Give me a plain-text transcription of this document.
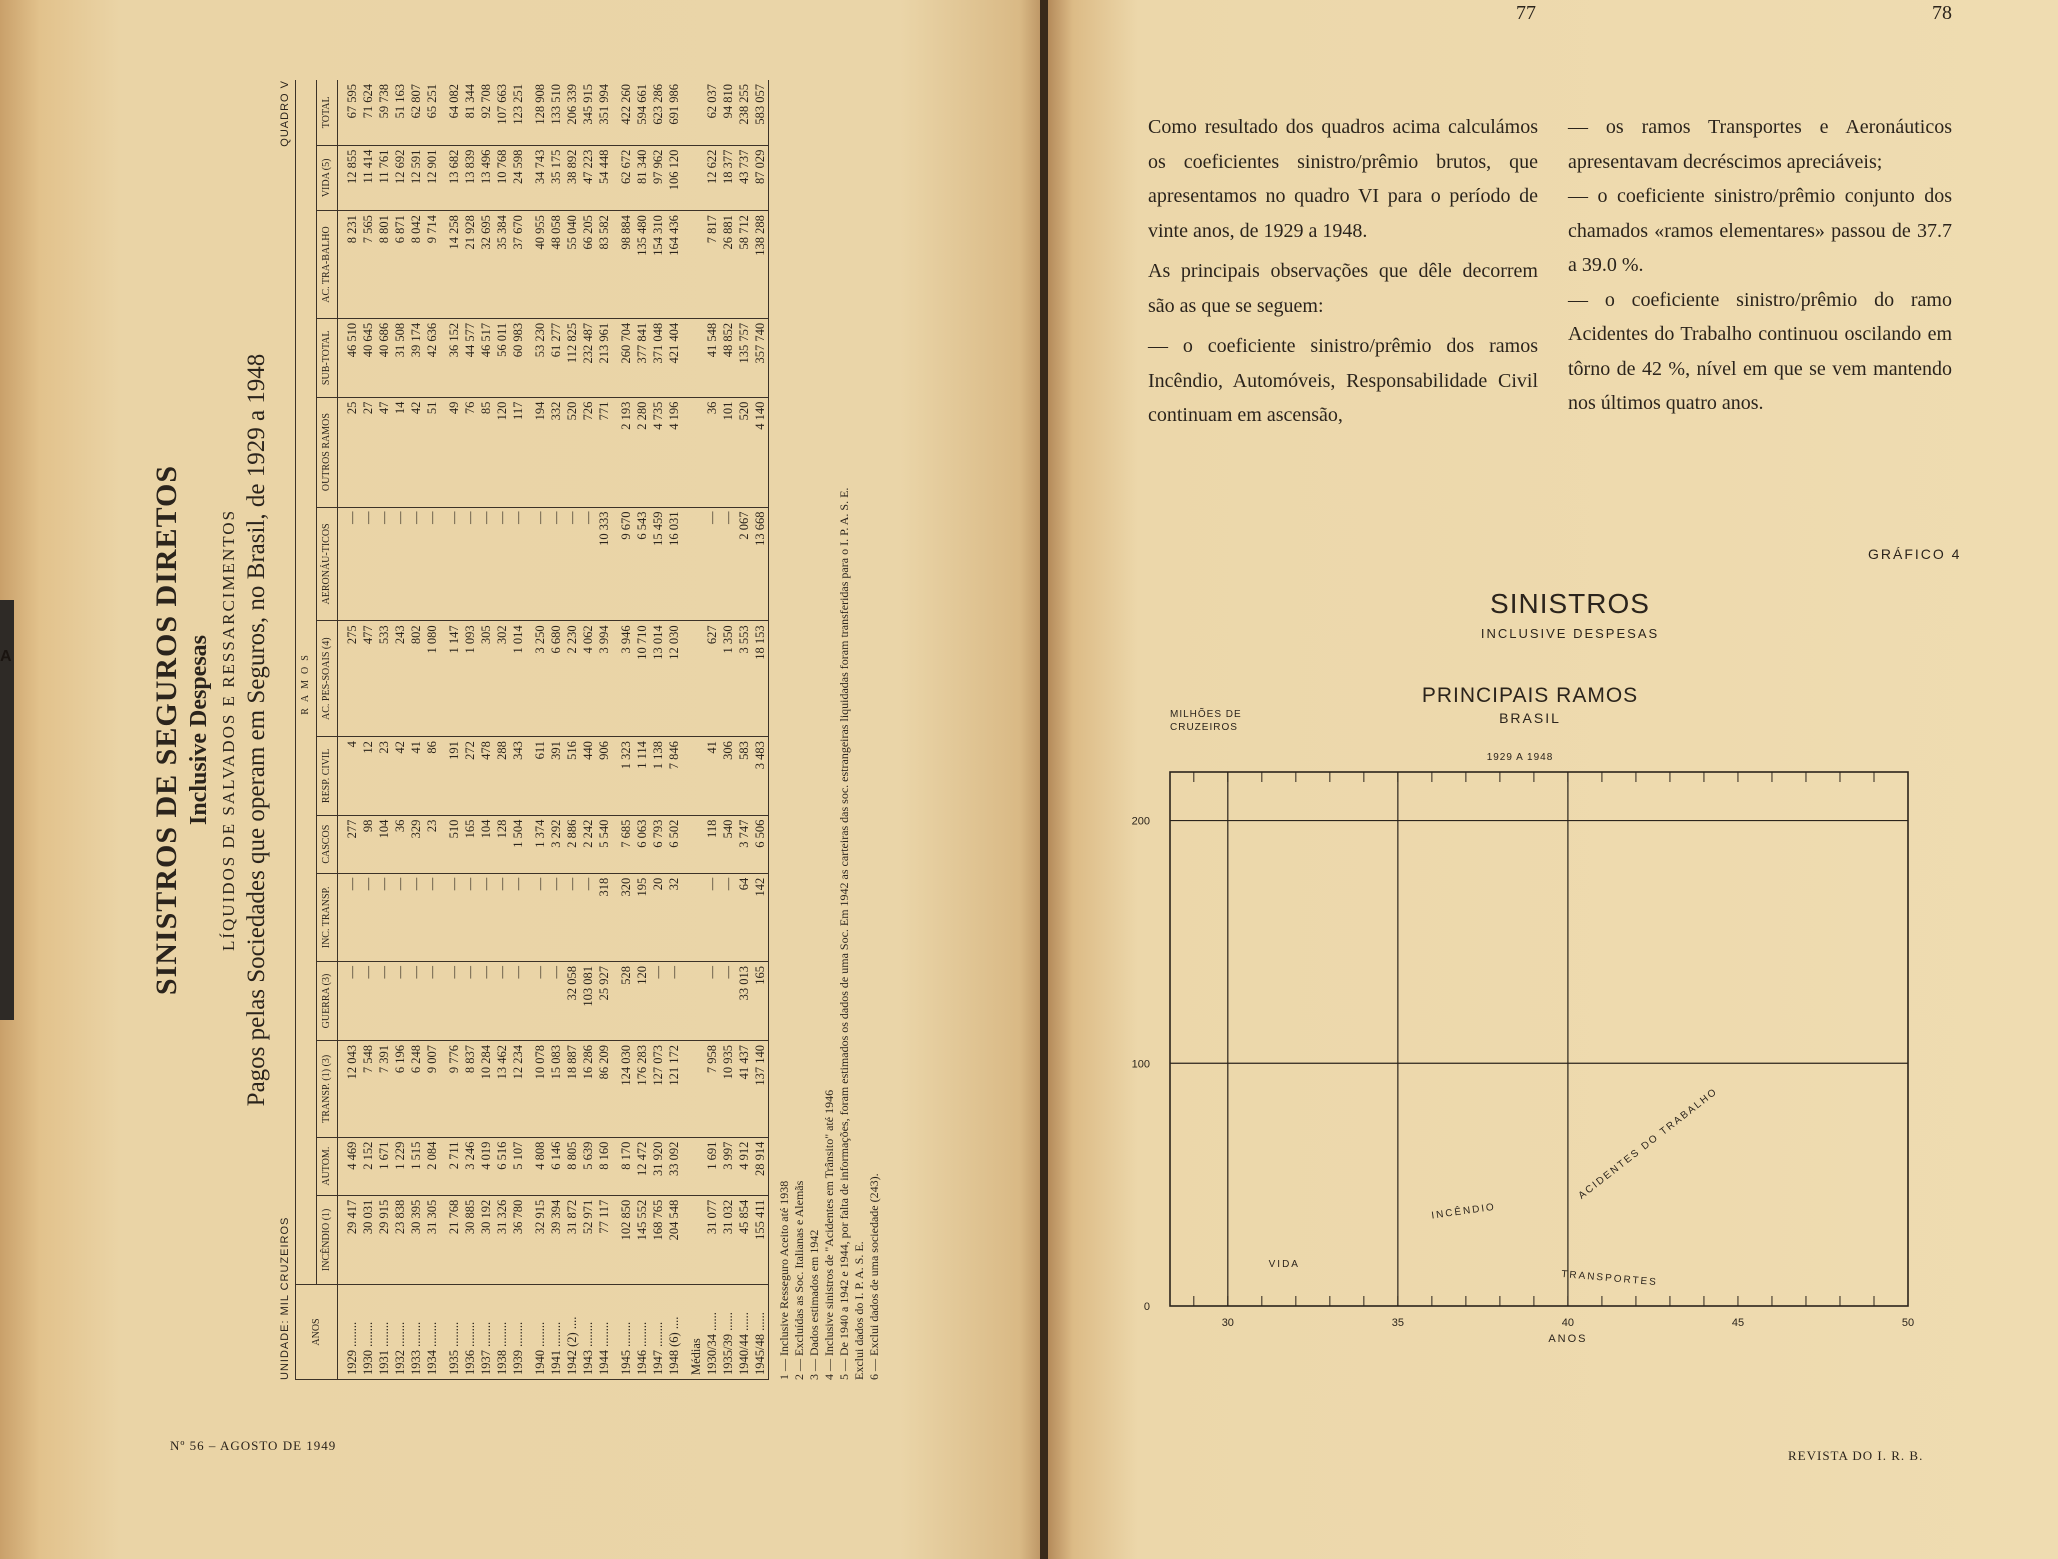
A	SINISTROS DE SEGUROS DIRETOS Inclusive Despesas LÍQUIDOS DE SALVADOS E RESSARCIMENTOS Pagos pelas Sociedades que operam em Seguros, no Brasil, de 1929 a 1948
UNIDADE: MIL CRUZEIROS
QUADRO V
ANOS	RAMOS													
	INCÊNDIO (1)	AUTOM.	TRANSP. (1) (3)	GUERRA (3)	INC. TRANSP.	CASCOS	RESP. CIVIL	AC. PES-SOAIS (4)	AERONÁU-TICOS	OUTROS RAMOS	SUB-TOTAL	AC. TRA-BALHO	VIDA (5)	TOTAL
1929 ........	29 417	4 469	12 043	—	—	277	4	275	—	25	46 510	8 231	12 855	67 595
1930 ........	30 031	2 152	7 548	—	—	98	12	477	—	27	40 645	7 565	11 414	71 624
1931 ........	29 915	1 671	7 391	—	—	104	23	533	—	47	40 686	8 801	11 761	59 738
1932 ........	23 838	1 229	6 196	—	—	36	42	243	—	14	31 508	6 871	12 692	51 163
1933 ........	30 395	1 515	6 248	—	—	329	41	802	—	42	39 174	8 042	12 591	62 807
1934 ........	31 305	2 084	9 007	—	—	23	86	1 080	—	51	42 636	9 714	12 901	65 251
1935 ........	21 768	2 711	9 776	—	—	510	191	1 147	—	49	36 152	14 258	13 682	64 082
1936 ........	30 885	3 246	8 837	—	—	165	272	1 093	—	76	44 577	21 928	13 839	81 344
1937 ........	30 192	4 019	10 284	—	—	104	478	305	—	85	46 517	32 695	13 496	92 708
1938 ........	31 326	6 516	13 462	—	—	128	288	302	—	120	56 011	35 384	10 768	107 663
1939 ........	36 780	5 107	12 234	—	—	1 504	343	1 014	—	117	60 983	37 670	24 598	123 251
1940 ........	32 915	4 808	10 078	—	—	1 374	611	3 250	—	194	53 230	40 955	34 743	128 908
1941 ........	39 394	6 146	15 083	—	—	3 292	391	6 680	—	332	61 277	48 058	35 175	133 510
1942 (2) ....	31 872	8 805	18 887	32 058	—	2 886	516	2 230	—	520	112 825	55 040	38 892	206 339
1943 ........	52 971	5 639	16 286	103 081	—	2 242	440	4 062	—	726	232 487	66 205	47 223	345 915
1944 ........	77 117	8 160	86 209	25 927	318	5 540	906	3 994	10 333	771	213 961	83 582	54 448	351 994
1945 ........	102 850	8 170	124 030	528	320	7 685	1 323	3 946	9 670	2 193	260 704	98 884	62 672	422 260
1946 ........	145 552	12 472	176 283	120	195	6 063	1 114	10 710	6 543	2 280	377 841	135 480	81 340	594 661
1947 ........	168 765	31 920	127 073	—	20	6 793	1 138	13 014	15 459	4 735	371 048	154 310	97 962	623 286
1948 (6) ....	204 548	33 092	121 172	—	32	6 502	7 846	12 030	16 031	4 196	421 404	164 436	106 120	691 986
Médias														
1930/34 ......	31 077	1 691	7 958	—	—	118	41	627	—	36	41 548	7 817	12 622	62 037
1935/39 ......	31 032	3 997	10 935	—	—	540	306	1 350	—	101	48 852	26 881	18 377	94 810
1940/44 ......	45 854	4 912	41 437	33 013	64	3 747	583	3 553	2 067	520	135 757	58 712	43 737	238 255
1945/48 ......	155 411	28 914	137 140	165	142	6 506	3 483	18 153	13 668	4 140	357 740	138 288	87 029	583 057
1 — Inclusive Resseguro Aceito até 1938 2 — Excluídas as Soc. Italianas e Alemãs 3 — Dados estimados em 1942 4 — Inclusive sinistros de "Acidentes em Trânsito" até 1946 5 — De 1940 a 1942 e 1944, por falta de informações, foram estimados os dados de uma Soc. Em 1942 as carteiras das soc. estrangeiras liquidadas foram transferidas para o I. P. A. S. E. Exclui dados do I. P. A. S. E. 6 — Exclui dados de uma sociedade (243).
Nº 56 – AGOSTO DE 1949
77	78

Como resultado dos quadros acima calculámos os coeficientes sinistro/prêmio brutos, que apresentamos no quadro VI para o período de vinte anos, de 1929 a 1948.

As principais observações que dêle decorrem são as que se seguem:

— o coeficiente sinistro/prêmio dos ramos Incêndio, Automóveis, Responsabilidade Civil continuam em ascensão,

— os ramos Transportes e Aeronáuticos apresentavam decréscimos apreciáveis;

— o coeficiente sinistro/prêmio conjunto dos chamados «ramos elementares» passou de 37.7 a 39.0 %.

— o coeficiente sinistro/prêmio do ramo Acidentes do Trabalho continuou oscilando em tôrno de 42 %, nível em que se vem mantendo nos últimos quatro anos.

GRÁFICO 4
SINISTROS
INCLUSIVE DESPESAS
PRINCIPAIS RAMOS
BRASIL
1929 A 1948
MILHÕES DE
CRUZEIROS
30	35	40	45	50
0
100
200
ANOS
INCÊNDIO
VIDA
TRANSPORTES
ACIDENTES DO TRABALHO
REVISTA DO I. R. B.
